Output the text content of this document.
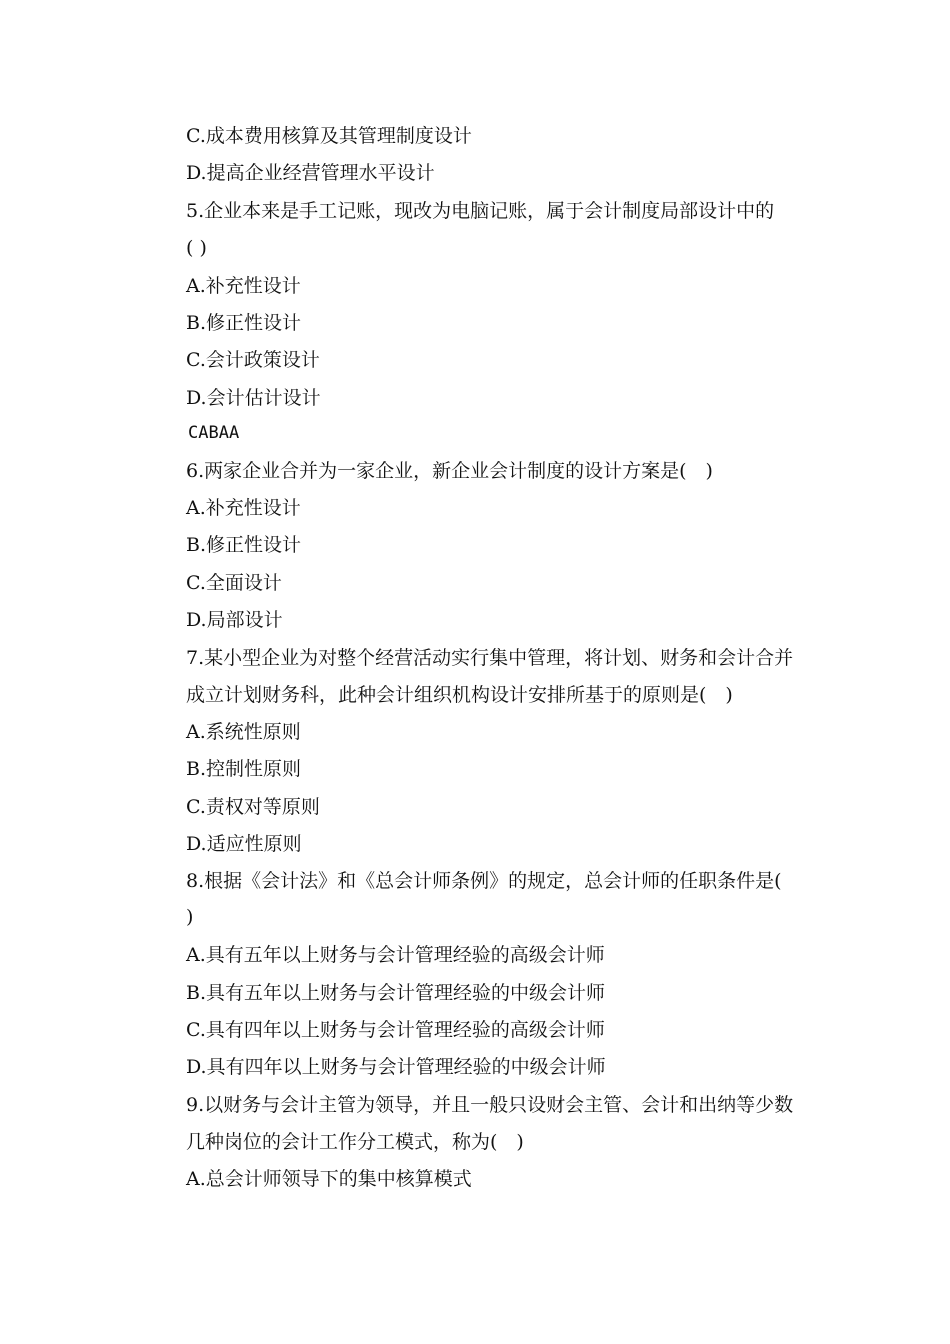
C.成本费用核算及其管理制度设计
D.提高企业经营管理水平设计
5.企业本来是手工记账，现改为电脑记账，属于会计制度局部设计中的
( )
A.补充性设计
B.修正性设计
C.会计政策设计
D.会计估计设计
CABAA
6.两家企业合并为一家企业，新企业会计制度的设计方案是(　)
A.补充性设计
B.修正性设计
C.全面设计
D.局部设计
7.某小型企业为对整个经营活动实行集中管理，将计划、财务和会计合并
成立计划财务科，此种会计组织机构设计安排所基于的原则是(　)
A.系统性原则
B.控制性原则
C.责权对等原则
D.适应性原则
8.根据《会计法》和《总会计师条例》的规定，总会计师的任职条件是(
)
A.具有五年以上财务与会计管理经验的高级会计师
B.具有五年以上财务与会计管理经验的中级会计师
C.具有四年以上财务与会计管理经验的高级会计师
D.具有四年以上财务与会计管理经验的中级会计师
9.以财务与会计主管为领导，并且一般只设财会主管、会计和出纳等少数
几种岗位的会计工作分工模式，称为(　)
A.总会计师领导下的集中核算模式
